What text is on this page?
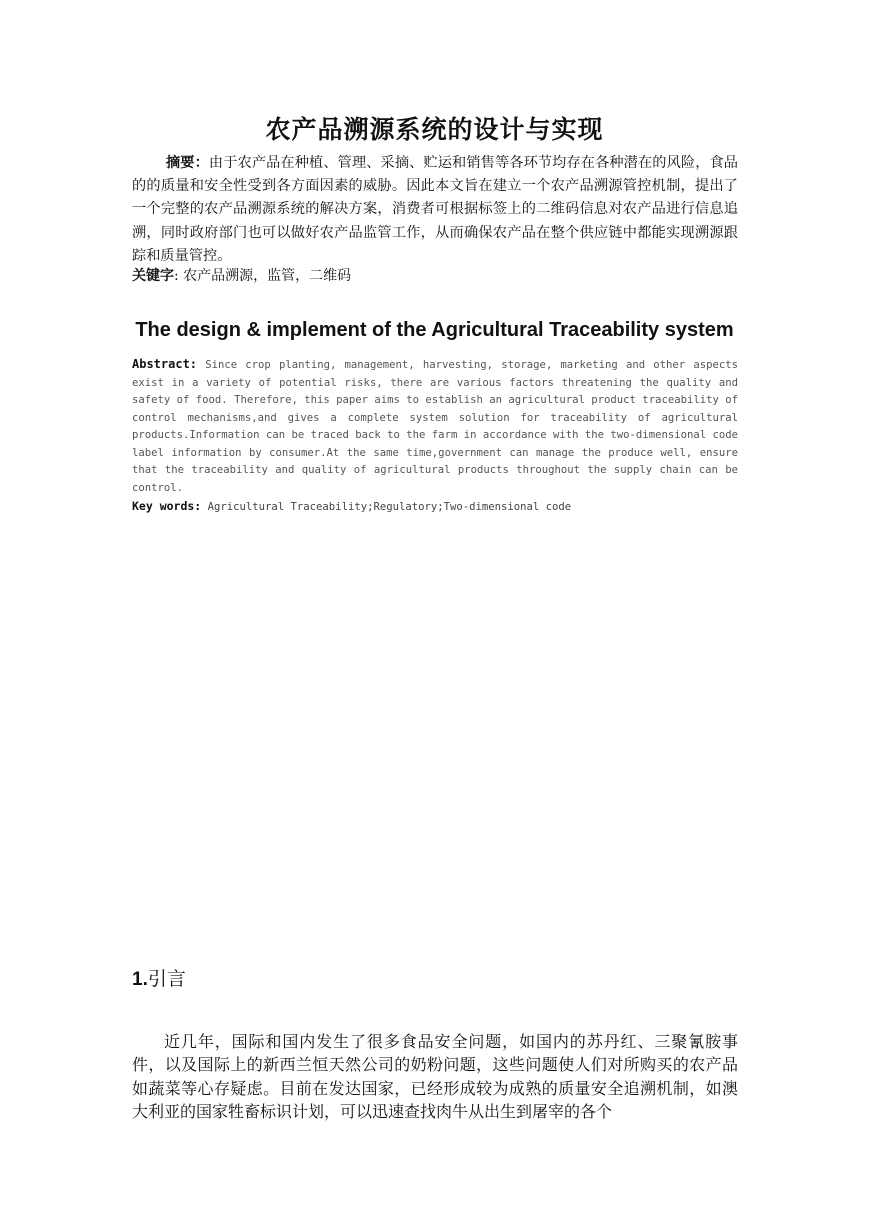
农产品溯源系统的设计与实现

摘要：由于农产品在种植、管理、采摘、贮运和销售等各环节均存在各种潜在的风险，食品的的质量和安全性受到各方面因素的威胁。因此本文旨在建立一个农产品溯源管控机制，提出了一个完整的农产品溯源系统的解决方案，消费者可根据标签上的二维码信息对农产品进行信息追溯，同时政府部门也可以做好农产品监管工作，从而确保农产品在整个供应链中都能实现溯源跟踪和质量管控。

关键字: 农产品溯源，监管，二维码

The design & implement of the Agricultural Traceability system

Abstract: Since crop planting, management, harvesting, storage, marketing and other aspects exist in a variety of potential risks, there are various factors threatening the quality and safety of food. Therefore, this paper aims to establish an agricultural product traceability of control mechanisms,and gives a complete system solution for traceability of agricultural products.Information can be traced back to the farm in accordance with the two-dimensional code label information by consumer.At the same time,government can manage the produce well, ensure that the traceability and quality of agricultural products throughout the supply chain can be control.

Key words: Agricultural Traceability;Regulatory;Two-dimensional code

1.引言

近几年，国际和国内发生了很多食品安全问题，如国内的苏丹红、三聚氰胺事件，以及国际上的新西兰恒天然公司的奶粉问题，这些问题使人们对所购买的农产品如蔬菜等心存疑虑。目前在发达国家，已经形成较为成熟的质量安全追溯机制，如澳大利亚的国家牲畜标识计划，可以迅速查找肉牛从出生到屠宰的各个
